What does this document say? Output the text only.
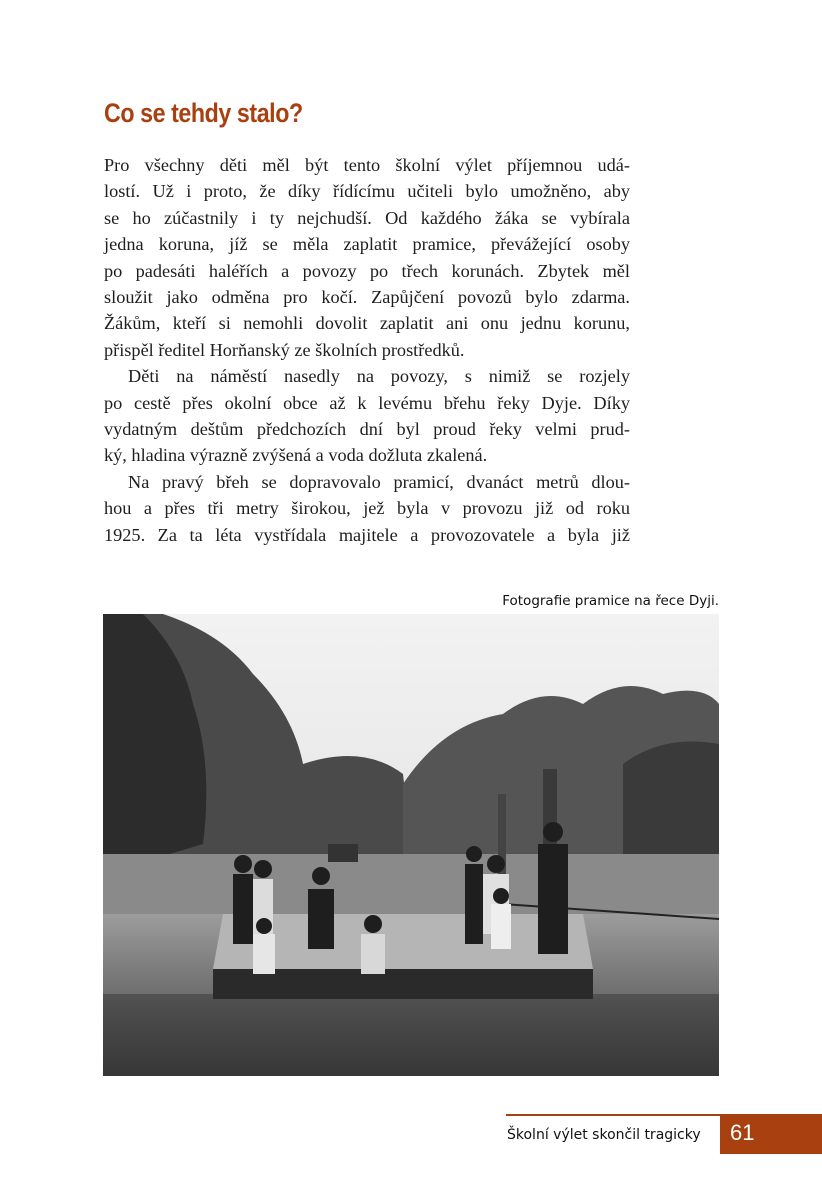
Co se tehdy stalo?

Pro všechny děti měl být tento školní výlet příjemnou udá-
lostí. Už i proto, že díky řídícímu učiteli bylo umožněno, aby
se ho zúčastnily i ty nejchudší. Od každého žáka se vybírala
jedna koruna, jíž se měla zaplatit pramice, převážející osoby
po padesáti haléřích a povozy po třech korunách. Zbytek měl
sloužit jako odměna pro kočí. Zapůjčení povozů bylo zdarma.
Žákům, kteří si nemohli dovolit zaplatit ani onu jednu korunu,
přispěl ředitel Horňanský ze školních prostředků.

Děti na náměstí nasedly na povozy, s nimiž se rozjely
po cestě přes okolní obce až k levému břehu řeky Dyje. Díky
vydatným deštům předchozích dní byl proud řeky velmi prud-
ký, hladina výrazně zvýšená a voda dožluta zkalená.

Na pravý břeh se dopravovalo pramicí, dvanáct metrů dlou-
hou a přes tři metry širokou, jež byla v provozu již od roku
1925. Za ta léta vystřídala majitele a provozovatele a byla již

Fotografie pramice na řece Dyji.
Školní výlet skončil tragicky 61
